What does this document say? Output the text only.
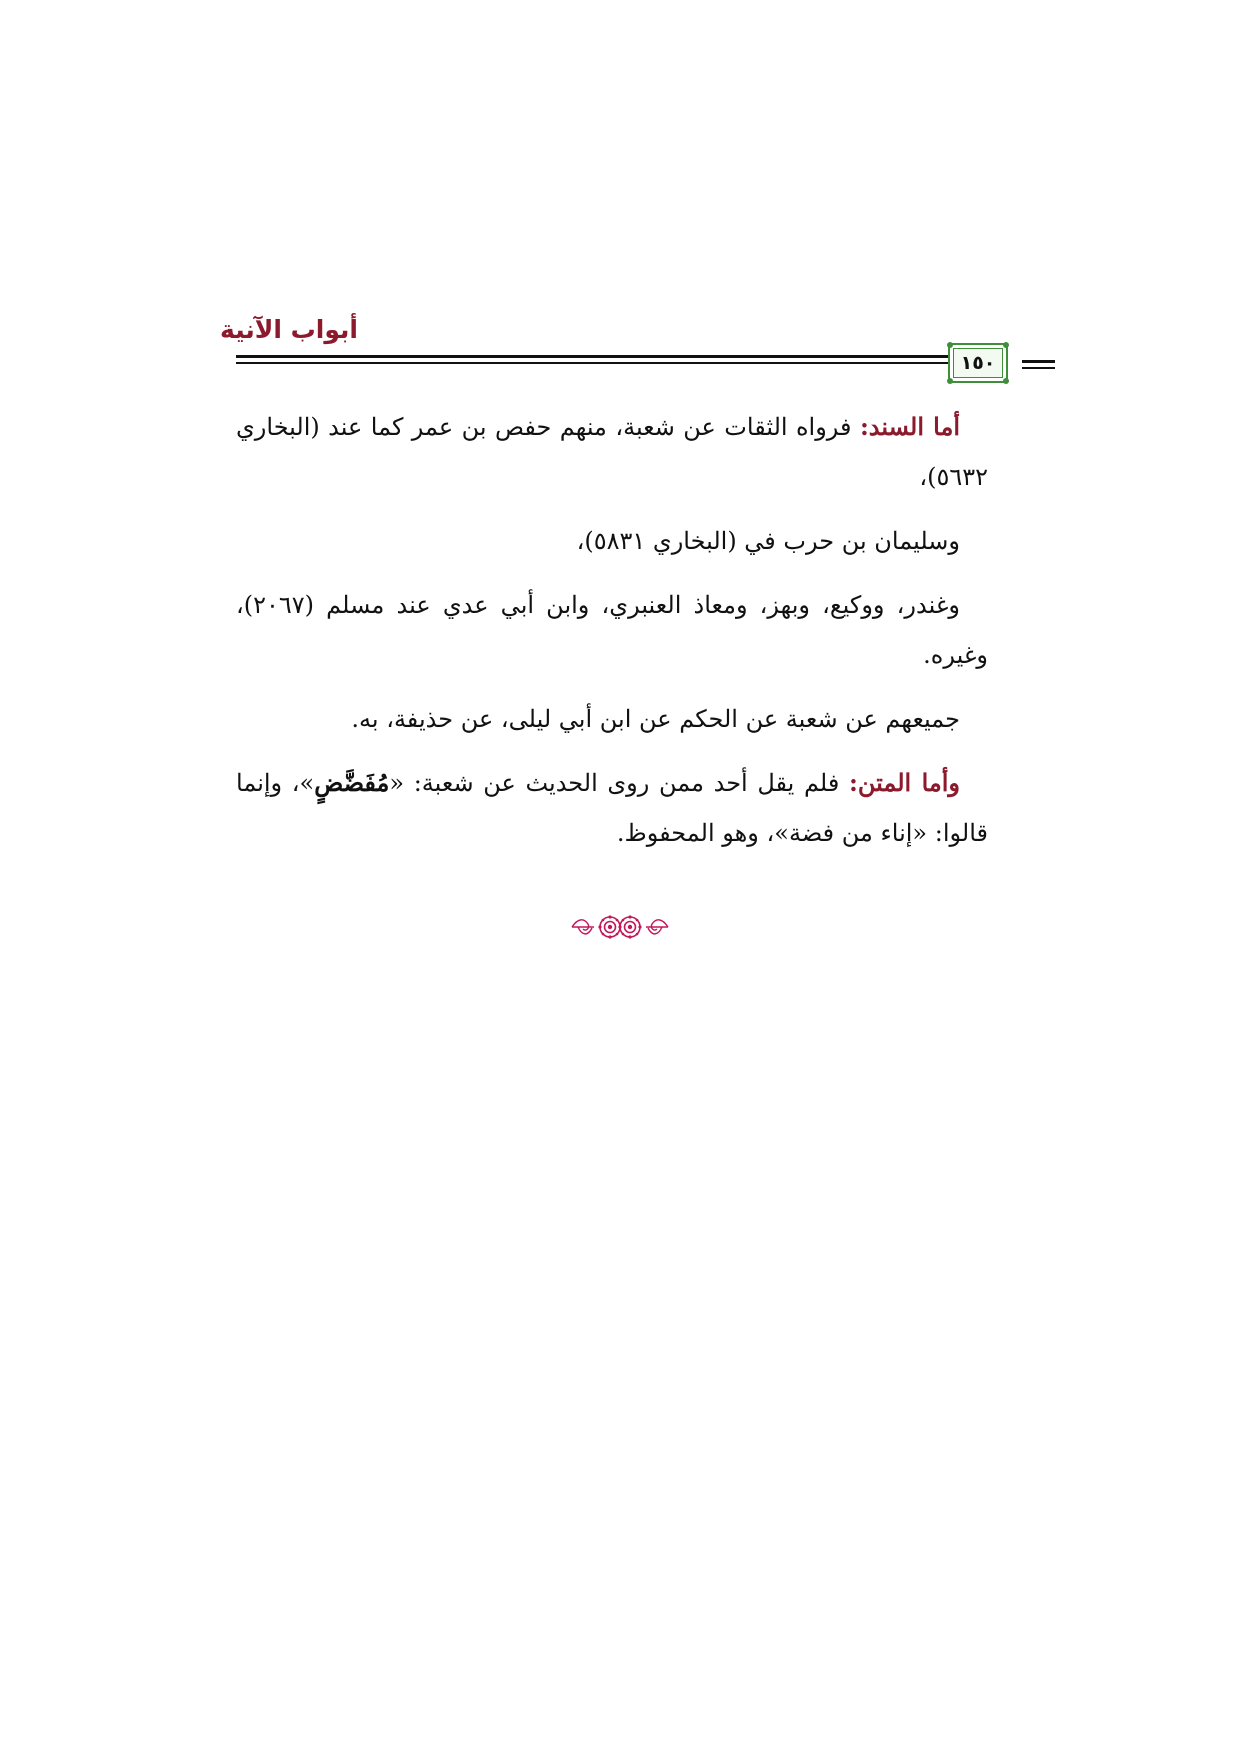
أبواب الآنية
١٥٠

أما السند: فرواه الثقات عن شعبة، منهم حفص بن عمر كما عند (البخاري ٥٦٣٢)،

وسليمان بن حرب في (البخاري ٥٨٣١)،

وغندر، ووكيع، وبهز، ومعاذ العنبري، وابن أبي عدي عند مسلم (٢٠٦٧)، وغيره.

جميعهم عن شعبة عن الحكم عن ابن أبي ليلى، عن حذيفة، به.

وأما المتن: فلم يقل أحد ممن روى الحديث عن شعبة: «مُفَضَّضٍ»، وإنما قالوا: «إناء من فضة»، وهو المحفوظ.
